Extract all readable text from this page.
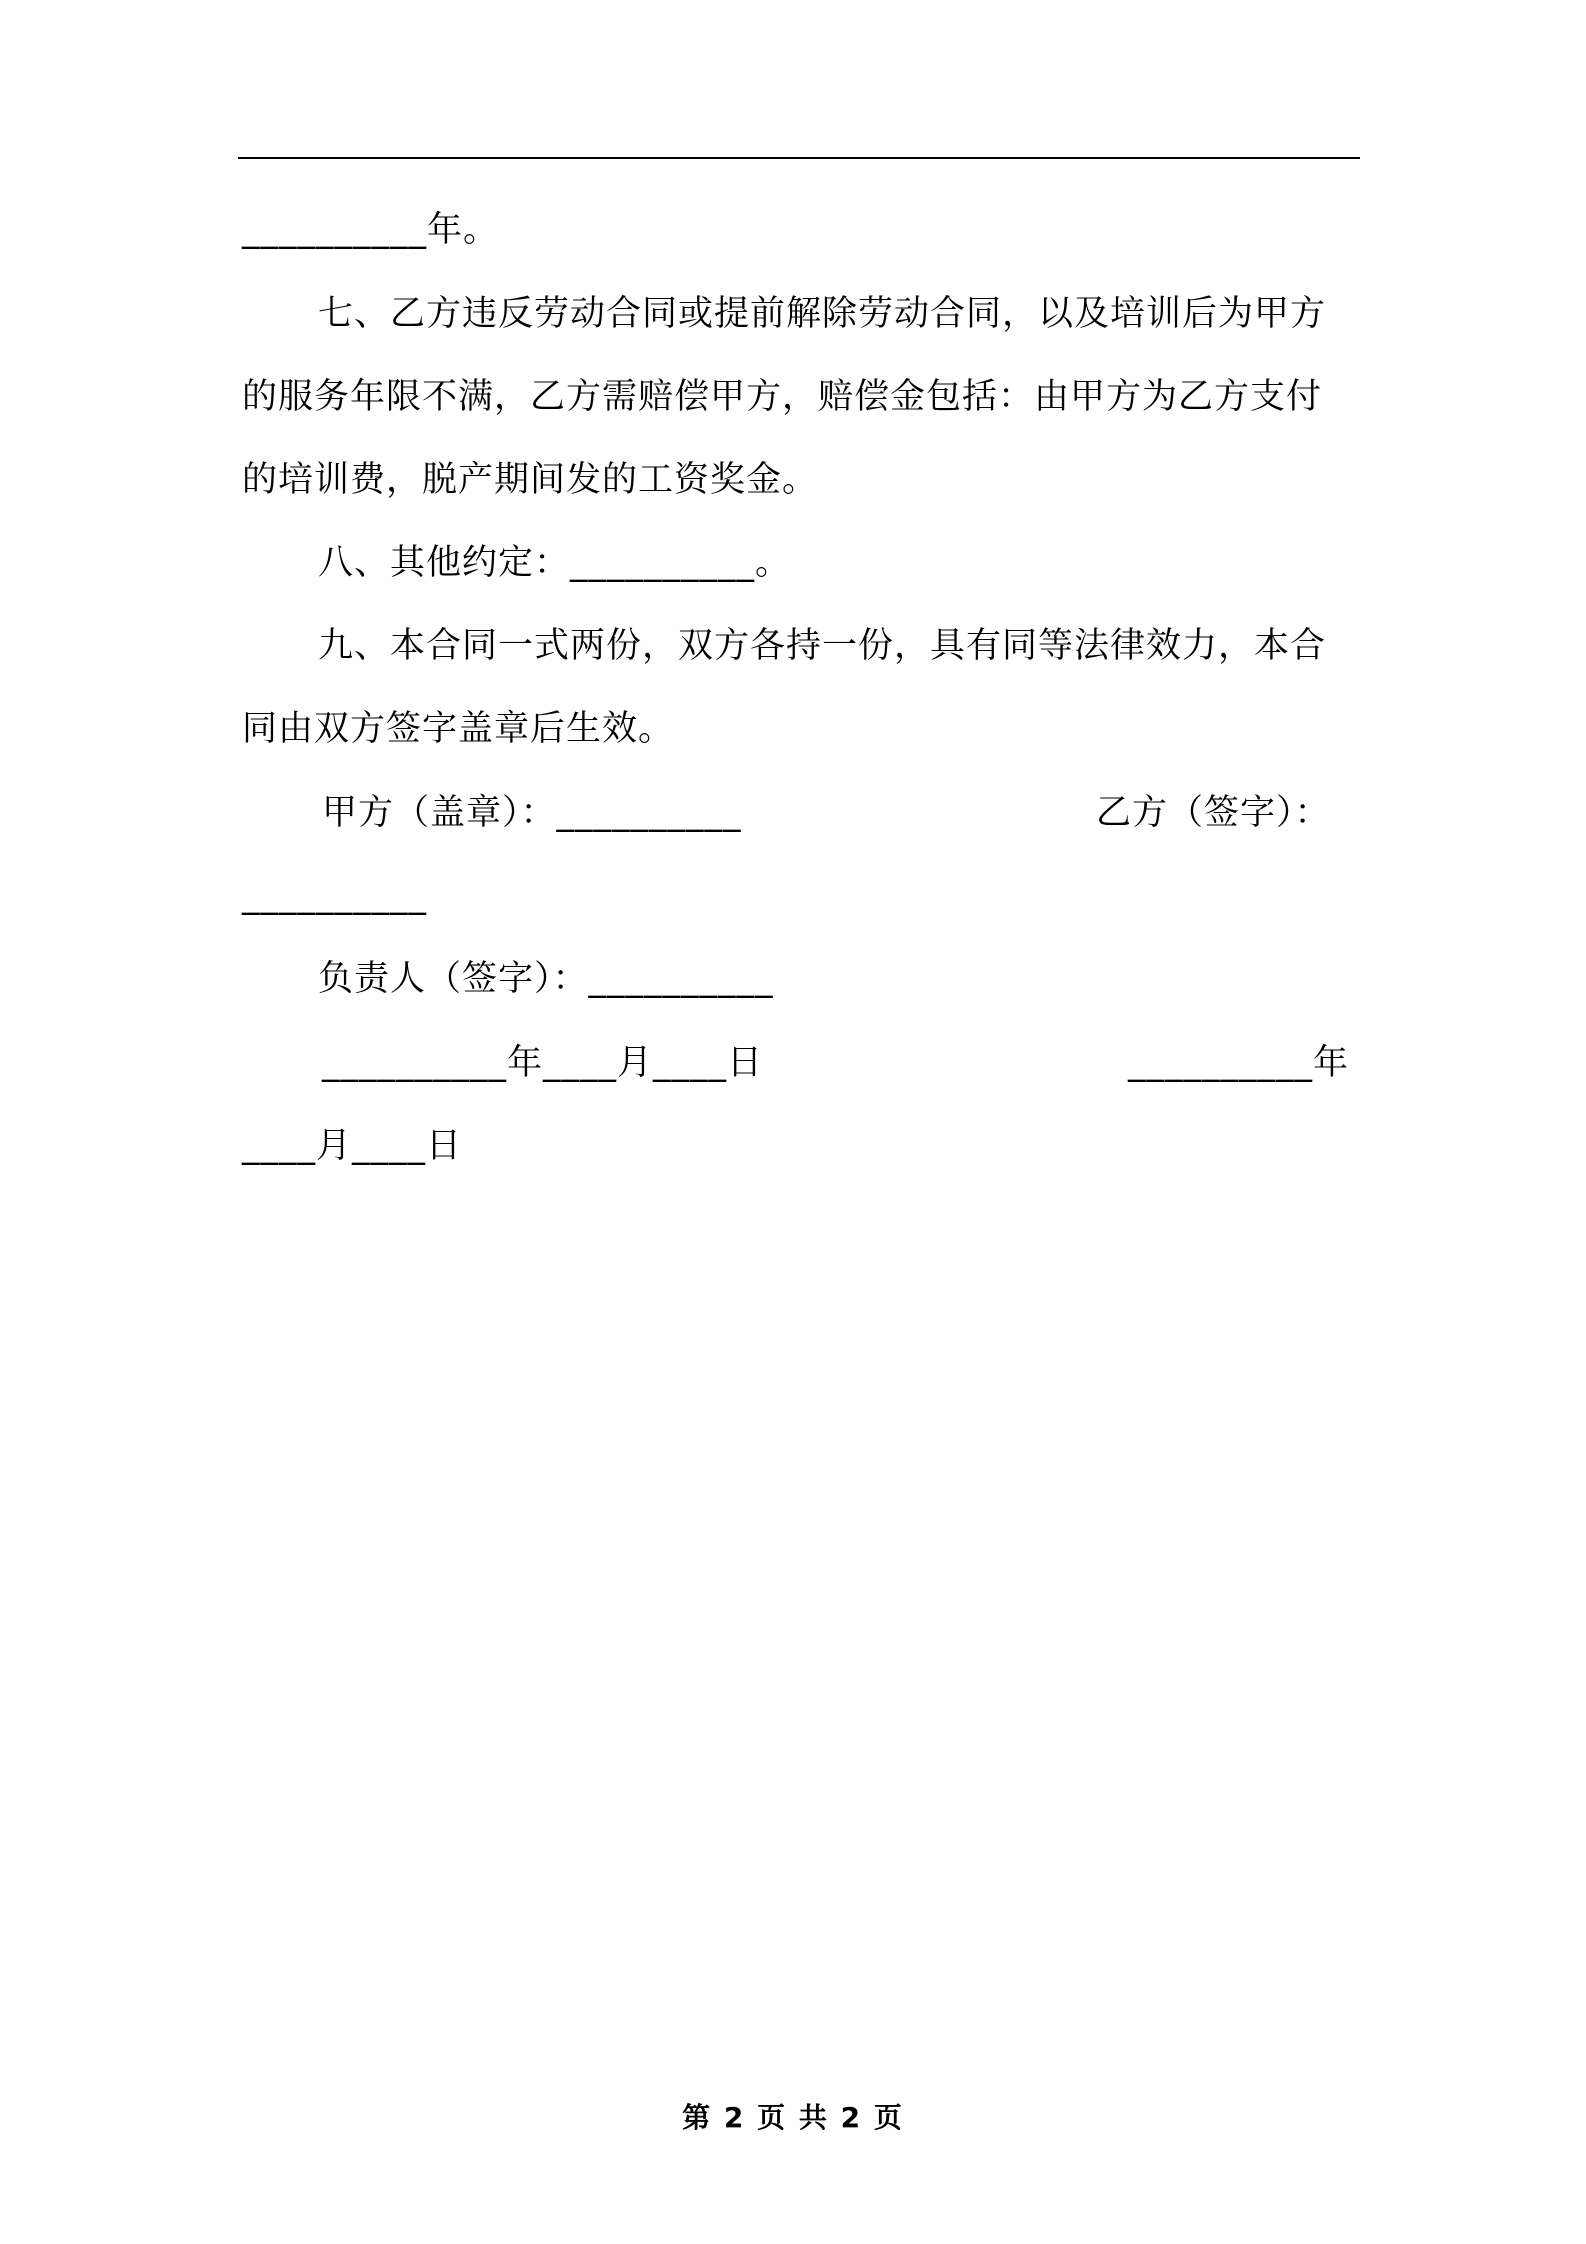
__________年。
七、乙方违反劳动合同或提前解除劳动合同，以及培训后为甲方
的服务年限不满，乙方需赔偿甲方，赔偿金包括：由甲方为乙方支付
的培训费，脱产期间发的工资奖金。
八、其他约定：__________。
九、本合同一式两份，双方各持一份，具有同等法律效力，本合
同由双方签字盖章后生效。
甲方（盖章）：__________	乙方（签字）：
__________
负责人（签字）：__________
__________年____月____日	__________年
____月____日
第 2 页 共 2 页
